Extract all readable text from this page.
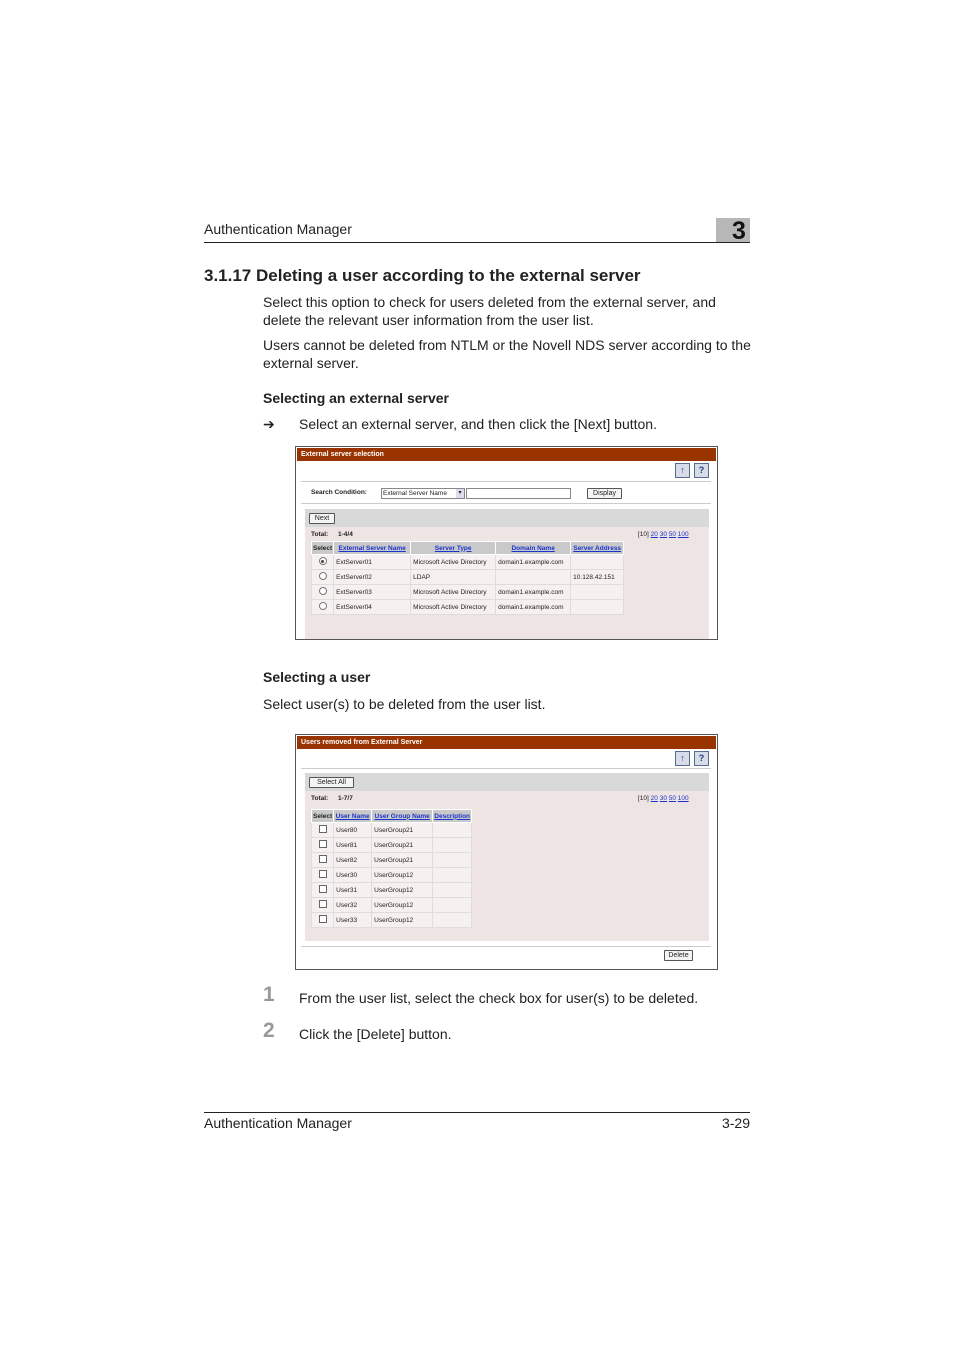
Authentication Manager	3
3.1.17 Deleting a user according to the external server
Select this option to check for users deleted from the external server, and delete the relevant user information from the user list.
Users cannot be deleted from NTLM or the Novell NDS server according to the external server.
Selecting an external server
➔ Select an external server, and then click the [Next] button.
External server selection
↑	?
Search Condition:	External Server Name	▾	Display
Next
Total: 1-4/4	[10] 20 30 50 100
Select	External Server Name	Server Type	Domain Name	Server Address
	ExtServer01	Microsoft Active Directory	domain1.example.com	
	ExtServer02	LDAP		10.128.42.151
	ExtServer03	Microsoft Active Directory	domain1.example.com	
	ExtServer04	Microsoft Active Directory	domain1.example.com	
Selecting a user
Select user(s) to be deleted from the user list.
Users removed from External Server
↑	?
Select All
Total: 1-7/7	[10] 20 30 50 100
Select	User Name	User Group Name	Description
	User80	UserGroup21	
	User81	UserGroup21	
	User82	UserGroup21	
	User30	UserGroup12	
	User31	UserGroup12	
	User32	UserGroup12	
	User33	UserGroup12	
Delete
1 From the user list, select the check box for user(s) to be deleted.
2 Click the [Delete] button.
Authentication Manager	3-29
